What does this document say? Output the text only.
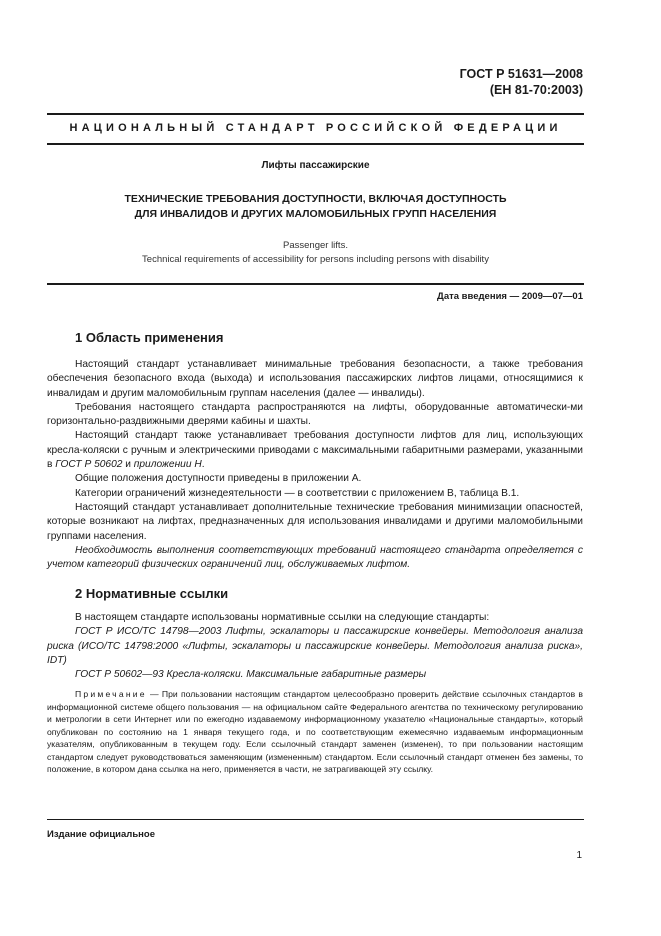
ГОСТ Р 51631—2008
(ЕН 81-70:2003)
НАЦИОНАЛЬНЫЙ СТАНДАРТ РОССИЙСКОЙ ФЕДЕРАЦИИ
Лифты пассажирские
ТЕХНИЧЕСКИЕ ТРЕБОВАНИЯ ДОСТУПНОСТИ, ВКЛЮЧАЯ ДОСТУПНОСТЬ
ДЛЯ ИНВАЛИДОВ И ДРУГИХ МАЛОМОБИЛЬНЫХ ГРУПП НАСЕЛЕНИЯ
Passenger lifts.
Technical requirements of accessibility for persons including persons with disability
Дата введения — 2009—07—01
1 Область применения

Настоящий стандарт устанавливает минимальные требования безопасности, а также требования обеспечения безопасного входа (выхода) и использования пассажирских лифтов лицами, относящимися к инвалидам и другим маломобильным группам населения (далее — инвалиды).

Требования настоящего стандарта распространяются на лифты, оборудованные автоматически-ми горизонтально-раздвижными дверями кабины и шахты.

Настоящий стандарт также устанавливает требования доступности лифтов для лиц, использующих кресла-коляски с ручным и электрическими приводами с максимальными габаритными размерами, указанными в ГОСТ Р 50602 и приложении Н.

Общие положения доступности приведены в приложении А.

Категории ограничений жизнедеятельности — в соответствии с приложением В, таблица В.1.

Настоящий стандарт устанавливает дополнительные технические требования минимизации опасностей, которые возникают на лифтах, предназначенных для использования инвалидами и другими маломобильными группами населения.

Необходимость выполнения соответствующих требований настоящего стандарта определяется с учетом категорий физических ограничений лиц, обслуживаемых лифтом.

2 Нормативные ссылки

В настоящем стандарте использованы нормативные ссылки на следующие стандарты:

ГОСТ Р ИСО/ТС 14798—2003 Лифты, эскалаторы и пассажирские конвейеры. Методология анализа риска (ИСО/ТС 14798:2000 «Лифты, эскалаторы и пассажирские конвейеры. Методология анализа риска», IDT)

ГОСТ Р 50602—93 Кресла-коляски. Максимальные габаритные размеры

Примечание — При пользовании настоящим стандартом целесообразно проверить действие ссылочных стандартов в информационной системе общего пользования — на официальном сайте Федерального агентства по техническому регулированию и метрологии в сети Интернет или по ежегодно издаваемому информационному указателю «Национальные стандарты», который опубликован по состоянию на 1 января текущего года, и по соответствующим ежемесячно издаваемым информационным указателям, опубликованным в текущем году. Если ссылочный стандарт заменен (изменен), то при пользовании настоящим стандартом следует руководствоваться заменяющим (измененным) стандартом. Если ссылочный стандарт отменен без замены, то положение, в котором дана ссылка на него, применяется в части, не затрагивающей эту ссылку.

Издание официальное
1
